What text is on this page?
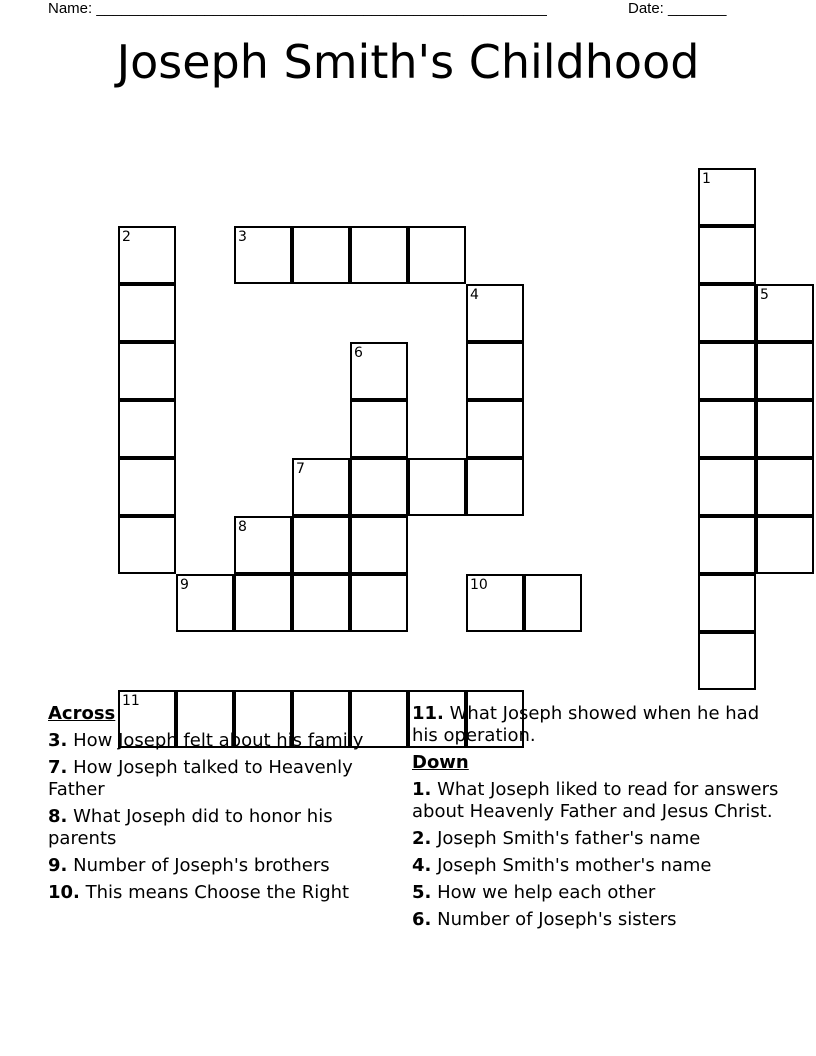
Name: ______________________________________________________	Date: _______
Joseph Smith's Childhood
1
2	3
4	5
6
7
8
9	10
11
Across
3. How Joseph felt about his family
7. How Joseph talked to Heavenly Father
8. What Joseph did to honor his parents
9. Number of Joseph's brothers
10. This means Choose the Right
11. What Joseph showed when he had his operation.
Down
1. What Joseph liked to read for answers about Heavenly Father and Jesus Christ.
2. Joseph Smith's father's name
4. Joseph Smith's mother's name
5. How we help each other
6. Number of Joseph's sisters
